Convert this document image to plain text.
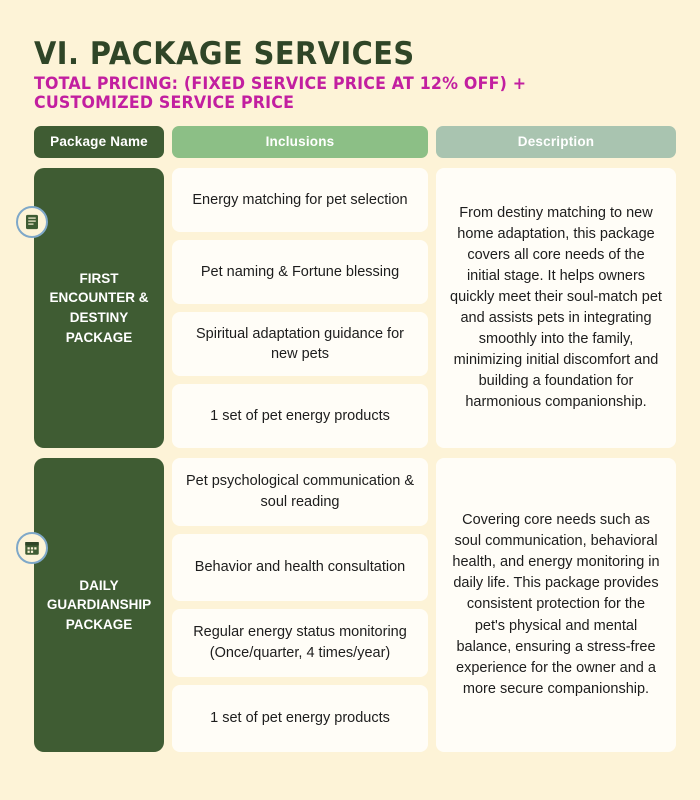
VI. PACKAGE SERVICES
TOTAL PRICING: (FIXED SERVICE PRICE AT 12% OFF) + CUSTOMIZED SERVICE PRICE
Package Name	Inclusions	Description
FIRST ENCOUNTER & DESTINY PACKAGE
Energy matching for pet selection
Pet naming & Fortune blessing
Spiritual adaptation guidance for new pets
1 set of pet energy products
From destiny matching to new home adaptation, this package covers all core needs of the initial stage. It helps owners quickly meet their soul-match pet and assists pets in integrating smoothly into the family, minimizing initial discomfort and building a foundation for harmonious companionship.
DAILY GUARDIANSHIP PACKAGE
Pet psychological communication & soul reading
Behavior and health consultation
Regular energy status monitoring (Once/quarter, 4 times/year)
1 set of pet energy products
Covering core needs such as soul communication, behavioral health, and energy monitoring in daily life. This package provides consistent protection for the pet's physical and mental balance, ensuring a stress-free experience for the owner and a more secure companionship.
